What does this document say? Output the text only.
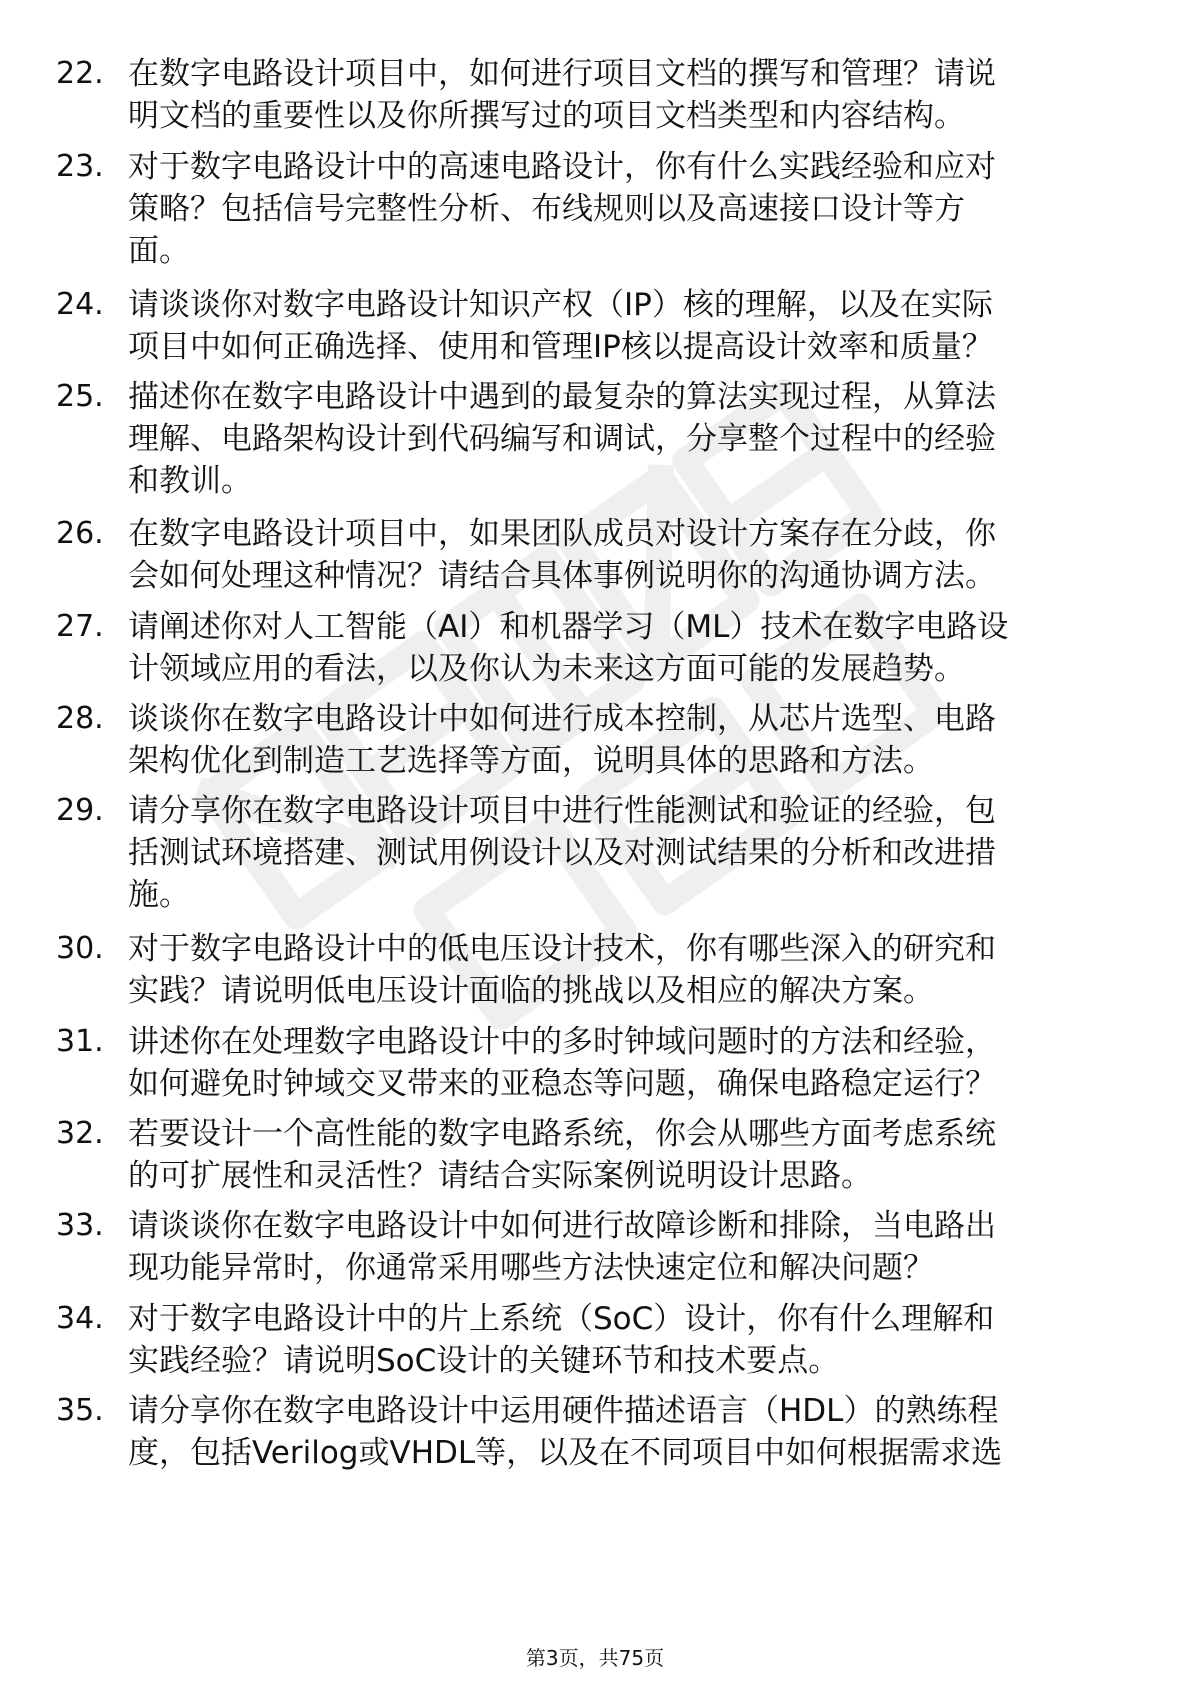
22. 在数字电路设计项目中，如何进行项目文档的撰写和管理？请说
明文档的重要性以及你所撰写过的项目文档类型和内容结构。
23. 对于数字电路设计中的高速电路设计，你有什么实践经验和应对
策略？包括信号完整性分析、布线规则以及高速接口设计等方
面。
24. 请谈谈你对数字电路设计知识产权（IP）核的理解，以及在实际
项目中如何正确选择、使用和管理IP核以提高设计效率和质量？
25. 描述你在数字电路设计中遇到的最复杂的算法实现过程，从算法
理解、电路架构设计到代码编写和调试，分享整个过程中的经验
和教训。
26. 在数字电路设计项目中，如果团队成员对设计方案存在分歧，你
会如何处理这种情况？请结合具体事例说明你的沟通协调方法。
27. 请阐述你对人工智能（AI）和机器学习（ML）技术在数字电路设
计领域应用的看法，以及你认为未来这方面可能的发展趋势。
28. 谈谈你在数字电路设计中如何进行成本控制，从芯片选型、电路
架构优化到制造工艺选择等方面，说明具体的思路和方法。
29. 请分享你在数字电路设计项目中进行性能测试和验证的经验，包
括测试环境搭建、测试用例设计以及对测试结果的分析和改进措
施。
30. 对于数字电路设计中的低电压设计技术，你有哪些深入的研究和
实践？请说明低电压设计面临的挑战以及相应的解决方案。
31. 讲述你在处理数字电路设计中的多时钟域问题时的方法和经验，
如何避免时钟域交叉带来的亚稳态等问题，确保电路稳定运行？
32. 若要设计一个高性能的数字电路系统，你会从哪些方面考虑系统
的可扩展性和灵活性？请结合实际案例说明设计思路。
33. 请谈谈你在数字电路设计中如何进行故障诊断和排除，当电路出
现功能异常时，你通常采用哪些方法快速定位和解决问题？
34. 对于数字电路设计中的片上系统（SoC）设计，你有什么理解和
实践经验？请说明SoC设计的关键环节和技术要点。
35. 请分享你在数字电路设计中运用硬件描述语言（HDL）的熟练程
度，包括Verilog或VHDL等，以及在不同项目中如何根据需求选
第3页，共75页
